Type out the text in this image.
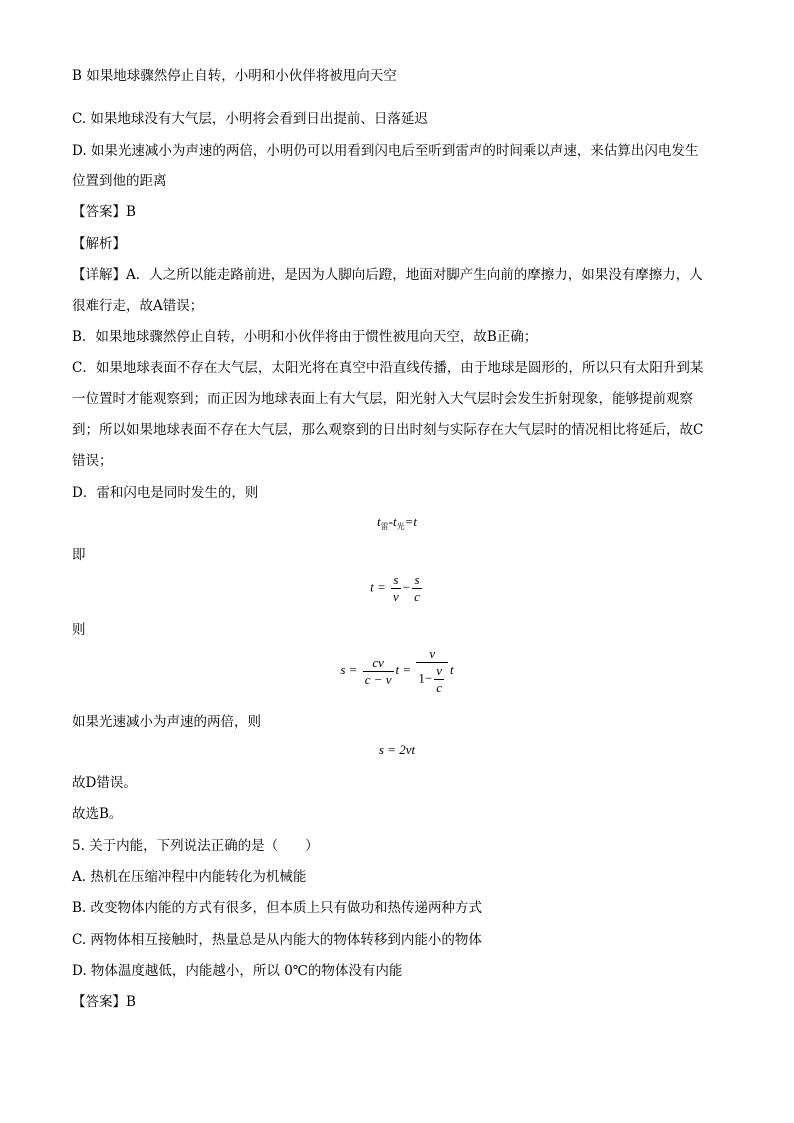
B 如果地球骤然停止自转，小明和小伙伴将被甩向天空
C. 如果地球没有大气层，小明将会看到日出提前、日落延迟
D. 如果光速减小为声速的两倍，小明仍可以用看到闪电后至听到雷声的时间乘以声速，来估算出闪电发生
位置到他的距离
【答案】B
【解析】
【详解】A．人之所以能走路前进，是因为人脚向后蹬，地面对脚产生向前的摩擦力，如果没有摩擦力，人
很难行走，故A错误；
B．如果地球骤然停止自转，小明和小伙伴将由于惯性被甩向天空，故B正确；
C．如果地球表面不存在大气层，太阳光将在真空中沿直线传播，由于地球是圆形的，所以只有太阳升到某
一位置时才能观察到；而正因为地球表面上有大气层，阳光射入大气层时会发生折射现象，能够提前观察
到；所以如果地球表面不存在大气层，那么观察到的日出时刻与实际存在大气层时的情况相比将延后，故C
错误；
D．雷和闪电是同时发生的，则
$t_雷-t_光=t$
即
$t = \frac{s}{v} - \frac{s}{c}$
则
$s = \frac{cv}{c - v}$ $t = \frac{v}{1- \frac{v}{c}}$ t
如果光速减小为声速的两倍，则
s = 2vt
故D错误。
故选B。
5. 关于内能，下列说法正确的是（　　）
A. 热机在压缩冲程中内能转化为机械能
B. 改变物体内能的方式有很多，但本质上只有做功和热传递两种方式
C. 两物体相互接触时，热量总是从内能大的物体转移到内能小的物体
D. 物体温度越低，内能越小，所以 0℃的物体没有内能
【答案】B
